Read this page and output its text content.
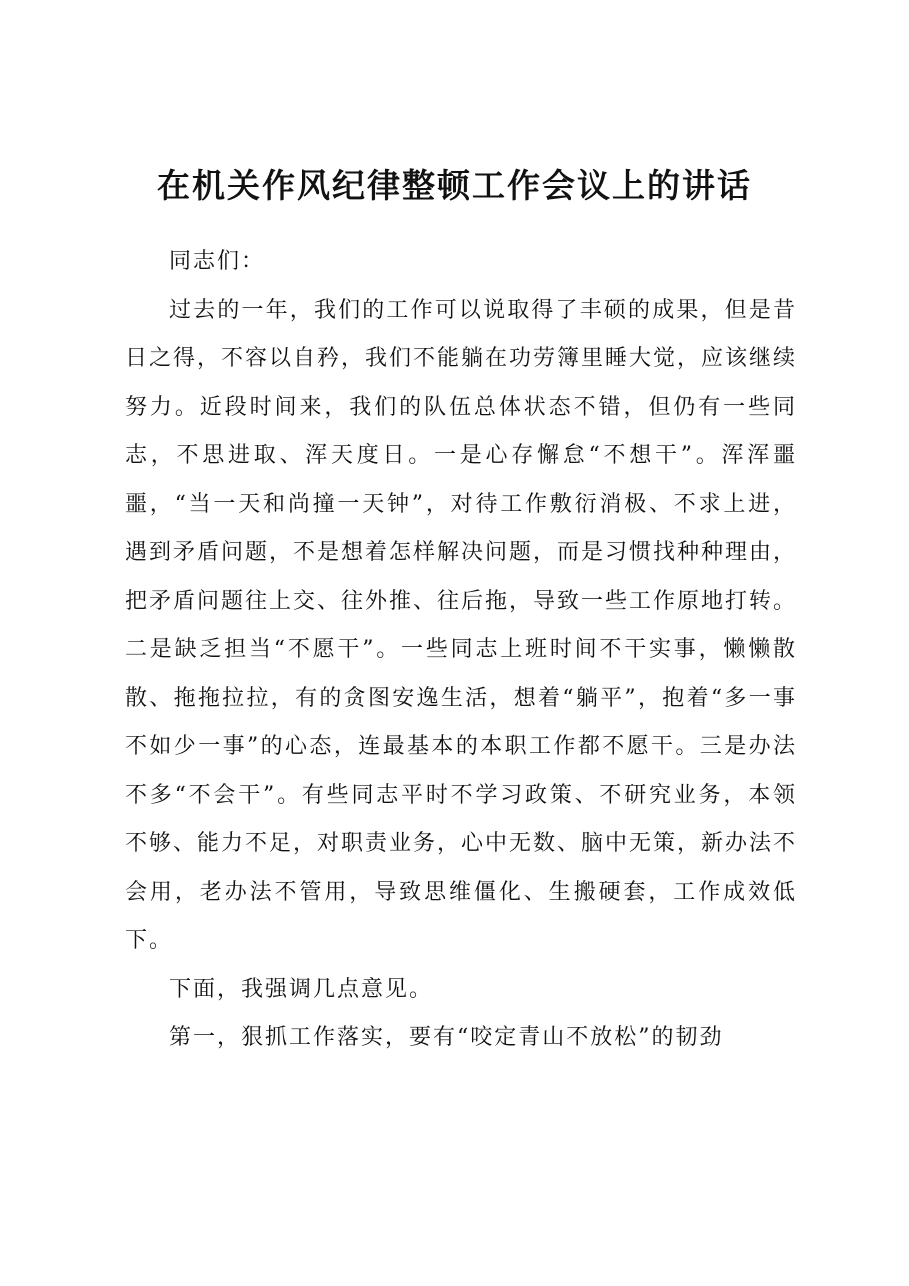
在机关作风纪律整顿工作会议上的讲话

同志们：

过去的一年，我们的工作可以说取得了丰硕的成果，但是昔日之得，不容以自矜，我们不能躺在功劳簿里睡大觉，应该继续努力。近段时间来，我们的队伍总体状态不错，但仍有一些同志，不思进取、浑天度日。一是心存懈怠“不想干”。浑浑噩噩，“当一天和尚撞一天钟”，对待工作敷衍消极、不求上进，遇到矛盾问题，不是想着怎样解决问题，而是习惯找种种理由，把矛盾问题往上交、往外推、往后拖，导致一些工作原地打转。二是缺乏担当“不愿干”。一些同志上班时间不干实事，懒懒散散、拖拖拉拉，有的贪图安逸生活，想着“躺平”，抱着“多一事不如少一事”的心态，连最基本的本职工作都不愿干。三是办法不多“不会干”。有些同志平时不学习政策、不研究业务，本领不够、能力不足，对职责业务，心中无数、脑中无策，新办法不会用，老办法不管用，导致思维僵化、生搬硬套，工作成效低下。

下面，我强调几点意见。

第一，狠抓工作落实，要有“咬定青山不放松”的韧劲
